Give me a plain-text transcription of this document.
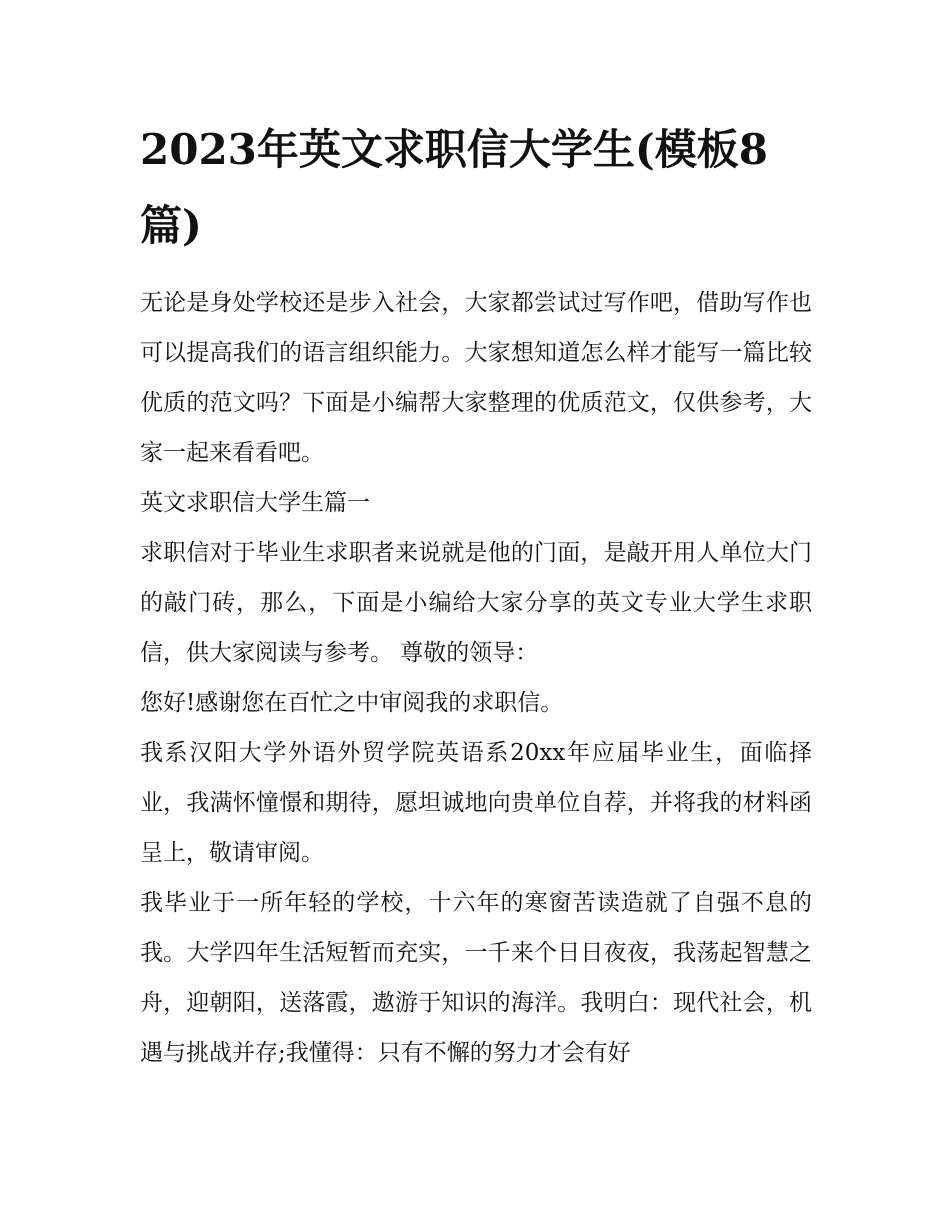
2023年英文求职信大学生(模板8篇)

无论是身处学校还是步入社会，大家都尝试过写作吧，借助写作也可以提高我们的语言组织能力。大家想知道怎么样才能写一篇比较优质的范文吗？下面是小编帮大家整理的优质范文，仅供参考，大家一起来看看吧。

英文求职信大学生篇一

求职信对于毕业生求职者来说就是他的门面，是敲开用人单位大门的敲门砖，那么，下面是小编给大家分享的英文专业大学生求职信，供大家阅读与参考。 尊敬的领导：

您好!感谢您在百忙之中审阅我的求职信。

我系汉阳大学外语外贸学院英语系20xx年应届毕业生，面临择业，我满怀憧憬和期待，愿坦诚地向贵单位自荐，并将我的材料函呈上，敬请审阅。

我毕业于一所年轻的学校，十六年的寒窗苦读造就了自强不息的我。大学四年生活短暂而充实，一千来个日日夜夜，我荡起智慧之舟，迎朝阳，送落霞，遨游于知识的海洋。我明白：现代社会，机遇与挑战并存;我懂得：只有不懈的努力才会有好
